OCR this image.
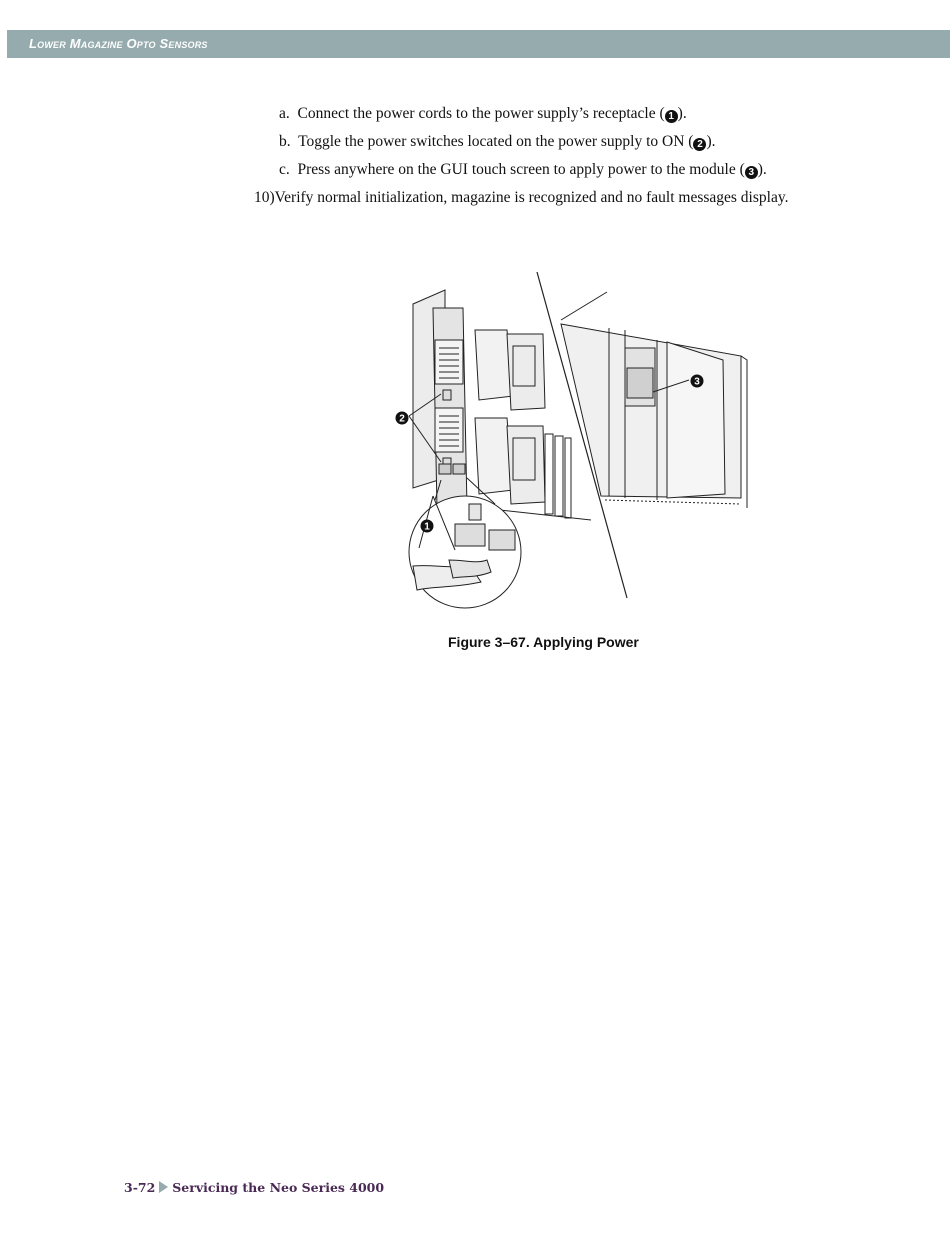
Lower Magazine Opto Sensors
a. Connect the power cords to the power supply’s receptacle ( 1 ).
b. Toggle the power switches located on the power supply to ON ( 2 ).
c. Press anywhere on the GUI touch screen to apply power to the module ( 3 ).
10)Verify normal initialization, magazine is recognized and no fault messages display.
1
2
3
Figure 3–67. Applying Power
3-72 Servicing the Neo Series 4000
